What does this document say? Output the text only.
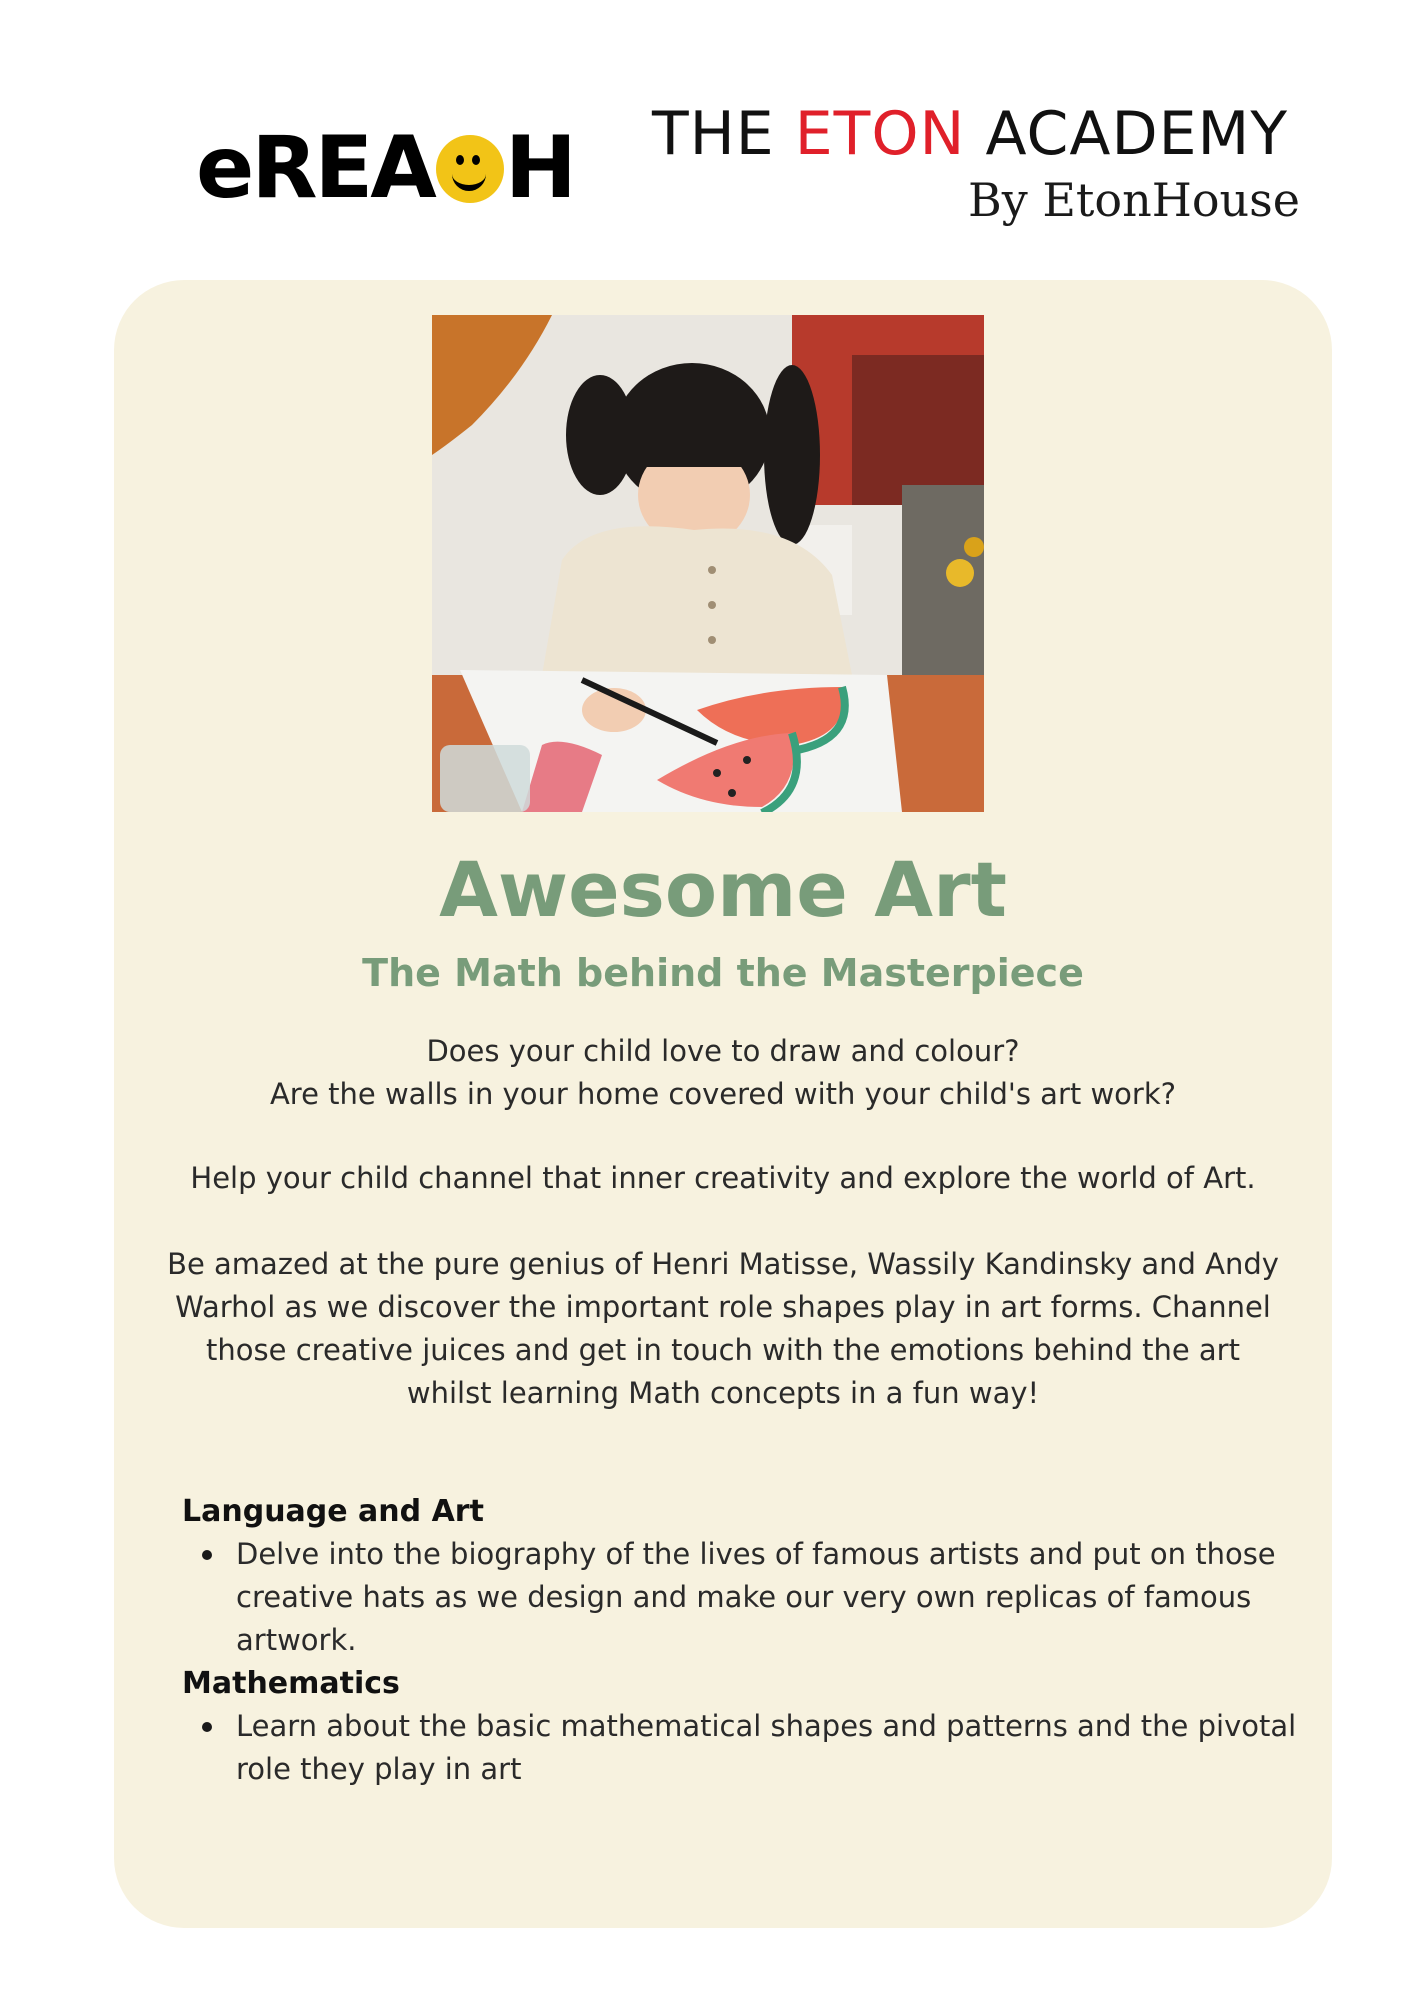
eREA H THE ETON ACADEMY
By EtonHouse
Awesome Art
The Math behind the Masterpiece
Does your child love to draw and colour?
Are the walls in your home covered with your child's art work?

Help your child channel that inner creativity and explore the world of Art.

Be amazed at the pure genius of Henri Matisse, Wassily Kandinsky and Andy Warhol as we discover the important role shapes play in art forms. Channel those creative juices and get in touch with the emotions behind the art whilst learning Math concepts in a fun way!

Language and Art
Delve into the biography of the lives of famous artists and put on those creative hats as we design and make our very own replicas of famous artwork.
Mathematics
Learn about the basic mathematical shapes and patterns and the pivotal role they play in art
